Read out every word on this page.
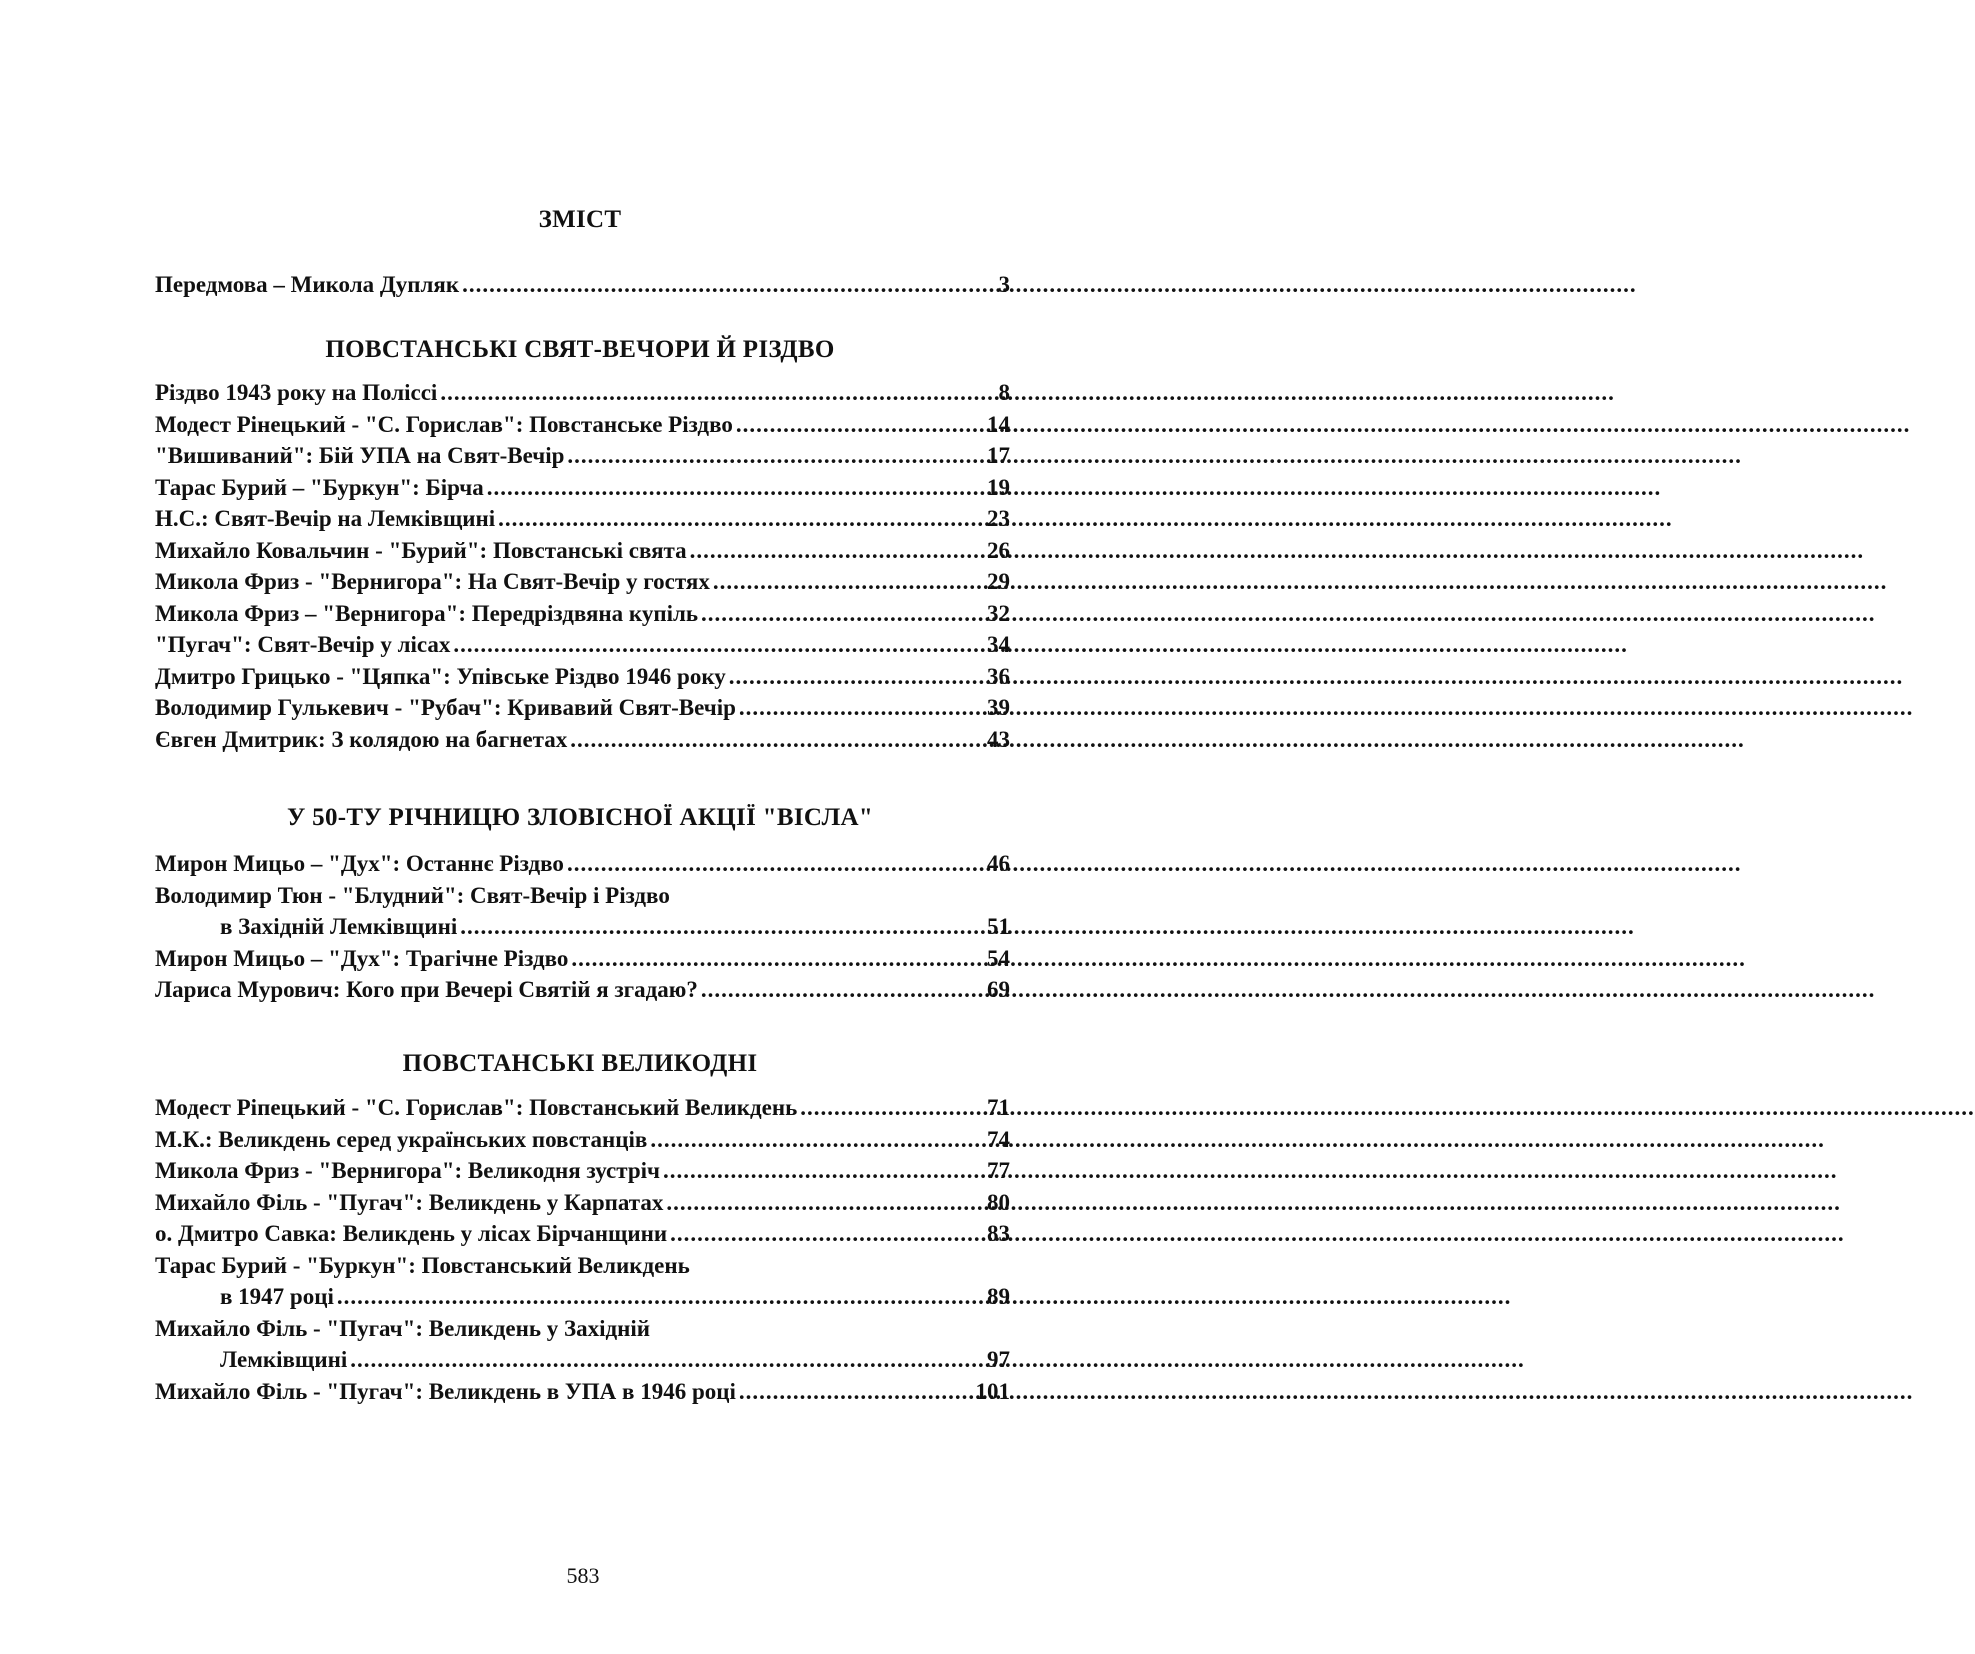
ЗМІСТ
Передмова – Микола Дупляк .....	3
ПОВСТАНСЬКІ СВЯТ-ВЕЧОРИ Й РІЗДВО
Різдво 1943 року на Поліссі .....	8
Модест Рінецький - "С. Горислав": Повстанське Різдво .....	14
"Вишиваний": Бій УПА на Свят-Вечір .....	17
Тарас Бурий – "Буркун": Бірча .....	19
Н.С.: Свят-Вечір на Лемківщині .....	23
Михайло Ковальчин - "Бурий": Повстанські свята .....	26
Микола Фриз - "Вернигора": На Свят-Вечір у гостях .....	29
Микола Фриз – "Вернигора": Передріздвяна купіль .....	32
"Пугач": Свят-Вечір у лісах .....	34
Дмитро Грицько - "Цяпка": Упівське Різдво 1946 року .....	36
Володимир Гулькевич - "Рубач": Кривавий Свят-Вечір .....	39
Євген Дмитрик: З колядою на багнетах .....	43
У 50-ТУ РІЧНИЦЮ ЗЛОВІСНОЇ АКЦІЇ "ВІСЛА"
Мирон Мицьо – "Дух": Останнє Різдво .....	46
Володимир Тюн - "Блудний": Свят-Вечір і Різдво
в Західній Лемківщині .....	51
Мирон Мицьо – "Дух": Трагічне Різдво .....	54
Лариса Мурович: Кого при Вечері Святій я згадаю? .....	69
ПОВСТАНСЬКІ ВЕЛИКОДНІ
Модест Ріпецький - "С. Горислав": Повстанський Великдень .....	71
М.К.: Великдень серед українських повстанців .....	74
Микола Фриз - "Вернигора": Великодня зустріч .....	77
Михайло Філь - "Пугач": Великдень у Карпатах .....	80
о. Дмитро Савка: Великдень у лісах Бірчанщини .....	83
Тарас Бурий - "Буркун": Повстанський Великдень
в 1947 році .....	89
Михайло Філь - "Пугач": Великдень у Західній
Лемківщині .....	97
Михайло Філь - "Пугач": Великдень в УПА в 1946 році .....	101
583
